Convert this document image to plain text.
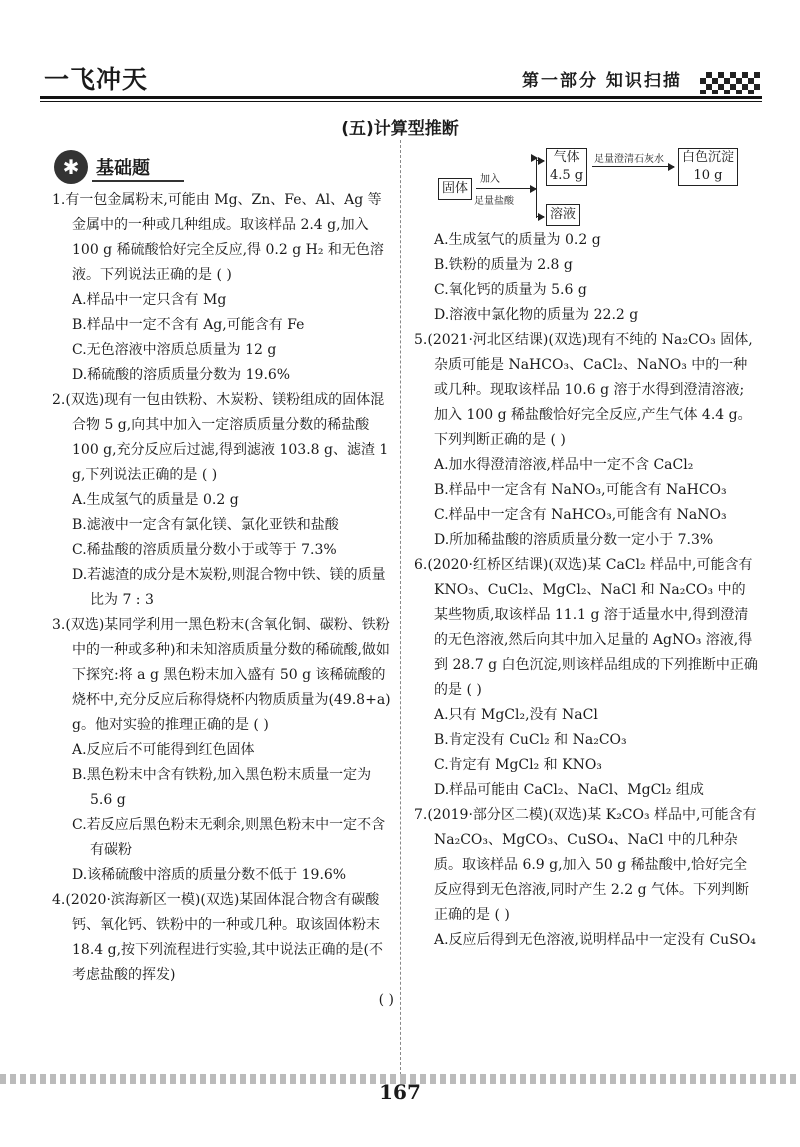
一飞冲天	第一部分 知识扫描
(五)计算型推断
✱ 基础题

1.有一包金属粉末,可能由 Mg、Zn、Fe、Al、Ag 等金属中的一种或几种组成。取该样品 2.4 g,加入 100 g 稀硫酸恰好完全反应,得 0.2 g H₂ 和无色溶液。下列说法正确的是 ( )

A.样品中一定只含有 Mg

B.样品中一定不含有 Ag,可能含有 Fe

C.无色溶液中溶质总质量为 12 g

D.稀硫酸的溶质质量分数为 19.6%

2.(双选)现有一包由铁粉、木炭粉、镁粉组成的固体混合物 5 g,向其中加入一定溶质质量分数的稀盐酸 100 g,充分反应后过滤,得到滤液 103.8 g、滤渣 1 g,下列说法正确的是 ( )

A.生成氢气的质量是 0.2 g

B.滤液中一定含有氯化镁、氯化亚铁和盐酸

C.稀盐酸的溶质质量分数小于或等于 7.3%

D.若滤渣的成分是木炭粉,则混合物中铁、镁的质量比为 7 : 3

3.(双选)某同学利用一黑色粉末(含氧化铜、碳粉、铁粉中的一种或多种)和未知溶质质量分数的稀硫酸,做如下探究:将 a g 黑色粉末加入盛有 50 g 该稀硫酸的烧杯中,充分反应后称得烧杯内物质质量为(49.8+a) g。他对实验的推理正确的是 ( )

A.反应后不可能得到红色固体

B.黑色粉末中含有铁粉,加入黑色粉末质量一定为 5.6 g

C.若反应后黑色粉末无剩余,则黑色粉末中一定不含有碳粉

D.该稀硫酸中溶质的质量分数不低于 19.6%

4.(2020·滨海新区一模)(双选)某固体混合物含有碳酸钙、氧化钙、铁粉中的一种或几种。取该固体粉末 18.4 g,按下列流程进行实验,其中说法正确的是(不考虑盐酸的挥发)

( )

固体
加入
足量盐酸
气体
4.5 g
溶液
足量澄清石灰水 白色沉淀
10 g

A.生成氢气的质量为 0.2 g

B.铁粉的质量为 2.8 g

C.氧化钙的质量为 5.6 g

D.溶液中氯化物的质量为 22.2 g

5.(2021·河北区结课)(双选)现有不纯的 Na₂CO₃ 固体,杂质可能是 NaHCO₃、CaCl₂、NaNO₃ 中的一种或几种。现取该样品 10.6 g 溶于水得到澄清溶液;加入 100 g 稀盐酸恰好完全反应,产生气体 4.4 g。下列判断正确的是 ( )

A.加水得澄清溶液,样品中一定不含 CaCl₂

B.样品中一定含有 NaNO₃,可能含有 NaHCO₃

C.样品中一定含有 NaHCO₃,可能含有 NaNO₃

D.所加稀盐酸的溶质质量分数一定小于 7.3%

6.(2020·红桥区结课)(双选)某 CaCl₂ 样品中,可能含有 KNO₃、CuCl₂、MgCl₂、NaCl 和 Na₂CO₃ 中的某些物质,取该样品 11.1 g 溶于适量水中,得到澄清的无色溶液,然后向其中加入足量的 AgNO₃ 溶液,得到 28.7 g 白色沉淀,则该样品组成的下列推断中正确的是 ( )

A.只有 MgCl₂,没有 NaCl

B.肯定没有 CuCl₂ 和 Na₂CO₃

C.肯定有 MgCl₂ 和 KNO₃

D.样品可能由 CaCl₂、NaCl、MgCl₂ 组成

7.(2019·部分区二模)(双选)某 K₂CO₃ 样品中,可能含有 Na₂CO₃、MgCO₃、CuSO₄、NaCl 中的几种杂质。取该样品 6.9 g,加入 50 g 稀盐酸中,恰好完全反应得到无色溶液,同时产生 2.2 g 气体。下列判断正确的是 ( )

A.反应后得到无色溶液,说明样品中一定没有 CuSO₄

167
